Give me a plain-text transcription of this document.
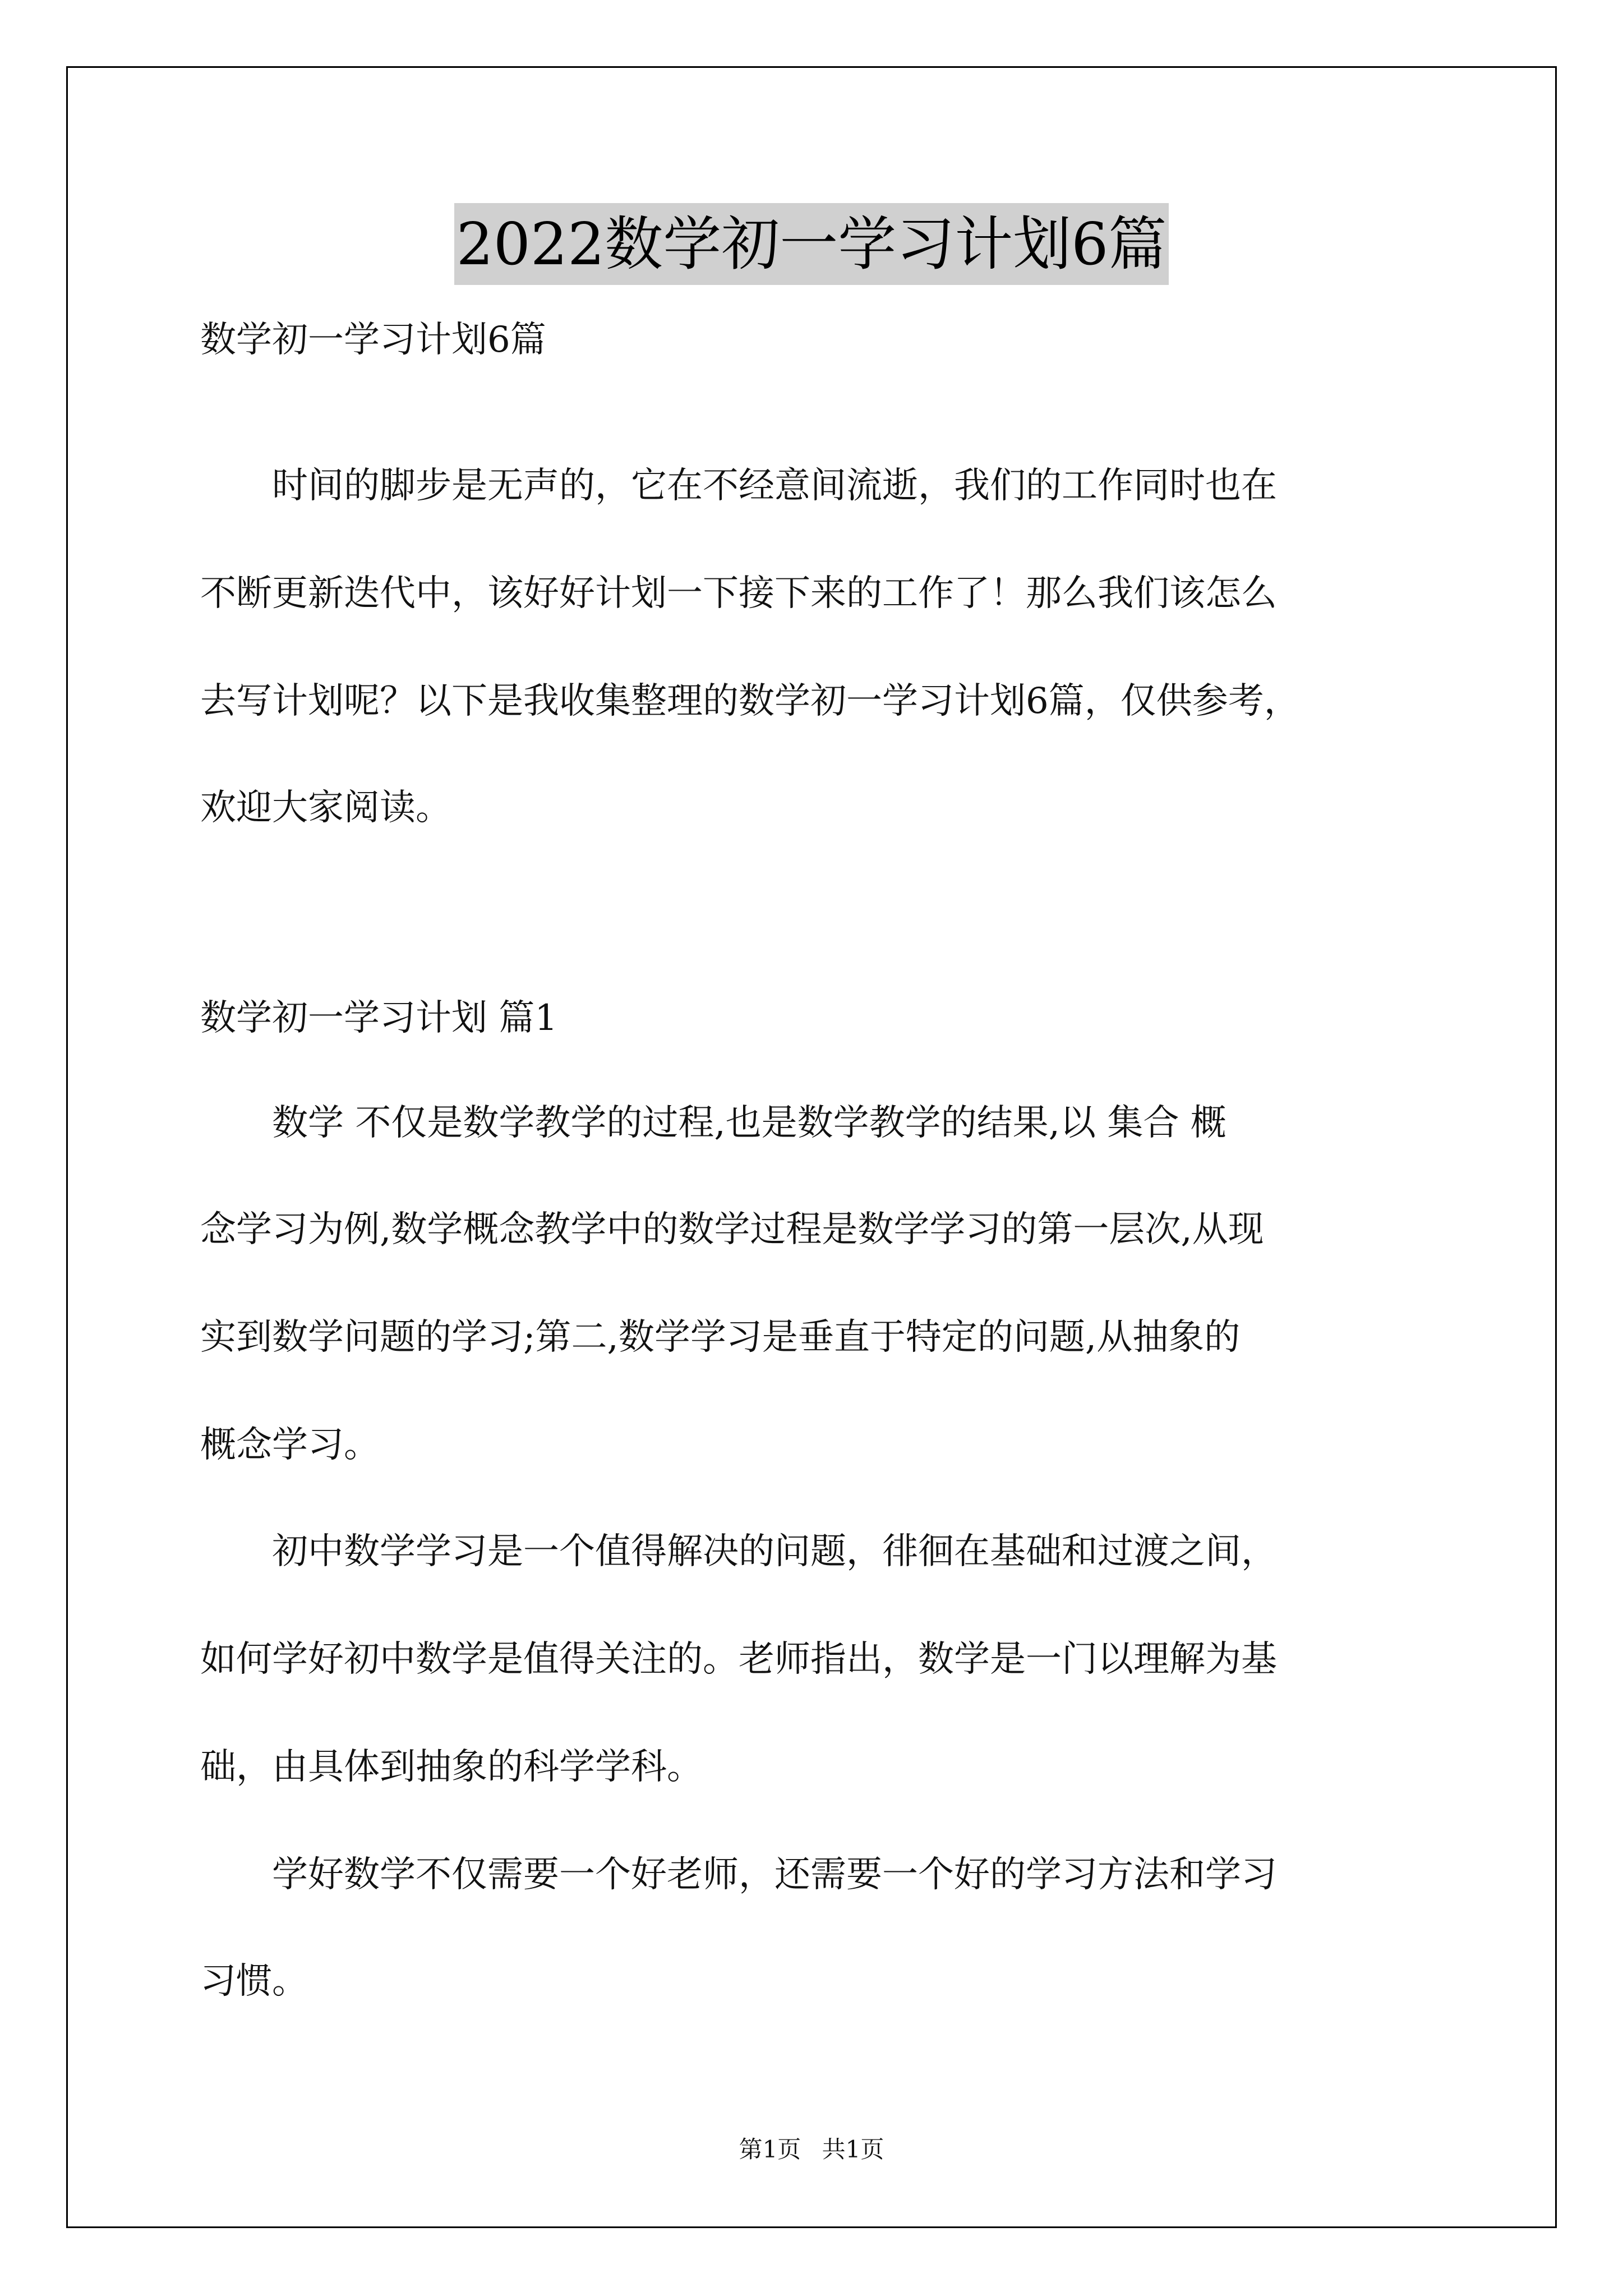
2022数学初一学习计划6篇
数学初一学习计划6篇
　　时间的脚步是无声的，它在不经意间流逝，我们的工作同时也在
不断更新迭代中，该好好计划一下接下来的工作了！那么我们该怎么
去写计划呢？以下是我收集整理的数学初一学习计划6篇，仅供参考，
欢迎大家阅读。
数学初一学习计划 篇1
　　数学 不仅是数学教学的过程,也是数学教学的结果,以 集合 概
念学习为例,数学概念教学中的数学过程是数学学习的第一层次,从现
实到数学问题的学习;第二,数学学习是垂直于特定的问题,从抽象的
概念学习。
　　初中数学学习是一个值得解决的问题，徘徊在基础和过渡之间，
如何学好初中数学是值得关注的。老师指出，数学是一门以理解为基
础，由具体到抽象的科学学科。
　　学好数学不仅需要一个好老师，还需要一个好的学习方法和学习
习惯。
第1页 共1页
